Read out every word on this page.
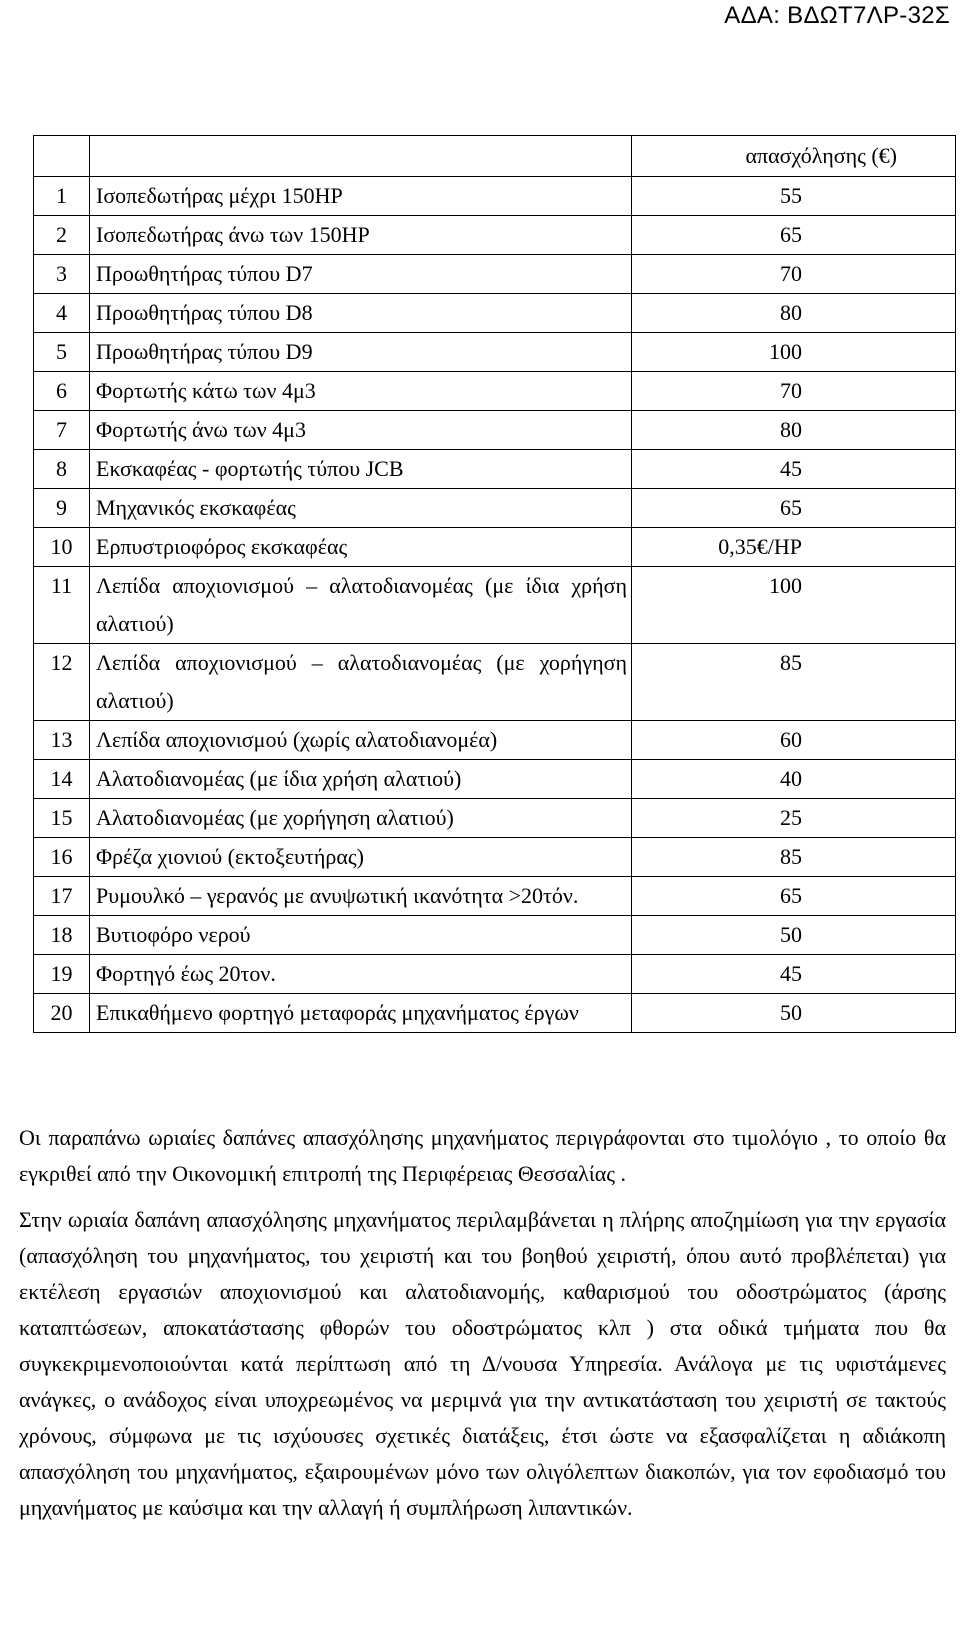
ΑΔΑ: ΒΔΩΤ7ΛΡ-32Σ
		απασχόλησης (€)
1	Ισοπεδωτήρας μέχρι 150HP	55
2	Ισοπεδωτήρας άνω των 150HP	65
3	Προωθητήρας τύπου D7	70
4	Προωθητήρας τύπου D8	80
5	Προωθητήρας τύπου D9	100
6	Φορτωτής κάτω των 4μ3	70
7	Φορτωτής άνω των 4μ3	80
8	Εκσκαφέας - φορτωτής τύπου JCB	45
9	Μηχανικός εκσκαφέας	65
10	Ερπυστριοφόρος εκσκαφέας	0,35€/HP
11	Λεπίδα αποχιονισμού – αλατοδιανομέας (με ίδια χρήση αλατιού)	100
12	Λεπίδα αποχιονισμού – αλατοδιανομέας (με χορήγηση αλατιού)	85
13	Λεπίδα αποχιονισμού (χωρίς αλατοδιανομέα)	60
14	Αλατοδιανομέας (με ίδια χρήση αλατιού)	40
15	Αλατοδιανομέας (με χορήγηση αλατιού)	25
16	Φρέζα χιονιού (εκτοξευτήρας)	85
17	Ρυμουλκό – γερανός με ανυψωτική ικανότητα >20τόν.	65
18	Βυτιοφόρο νερού	50
19	Φορτηγό έως 20τον.	45
20	Επικαθήμενο φορτηγό μεταφοράς μηχανήματος έργων	50

Οι παραπάνω ωριαίες δαπάνες απασχόλησης μηχανήματος περιγράφονται στο τιμολόγιο , το οποίο θα εγκριθεί από την Οικονομική επιτροπή της Περιφέρειας Θεσσαλίας .

Στην ωριαία δαπάνη απασχόλησης μηχανήματος περιλαμβάνεται η πλήρης αποζημίωση για την εργασία (απασχόληση του μηχανήματος, του χειριστή και του βοηθού χειριστή, όπου αυτό προβλέπεται) για εκτέλεση εργασιών αποχιονισμού και αλατοδιανομής, καθαρισμού του οδοστρώματος (άρσης καταπτώσεων, αποκατάστασης φθορών του οδοστρώματος κλπ ) στα οδικά τμήματα που θα συγκεκριμενοποιούνται κατά περίπτωση από τη Δ/νουσα Υπηρεσία. Ανάλογα με τις υφιστάμενες ανάγκες, ο ανάδοχος είναι υποχρεωμένος να μεριμνά για την αντικατάσταση του χειριστή σε τακτούς χρόνους, σύμφωνα με τις ισχύουσες σχετικές διατάξεις, έτσι ώστε να εξασφαλίζεται η αδιάκοπη απασχόληση του μηχανήματος, εξαιρουμένων μόνο των ολιγόλεπτων διακοπών, για τον εφοδιασμό του μηχανήματος με καύσιμα και την αλλαγή ή συμπλήρωση λιπαντικών.
